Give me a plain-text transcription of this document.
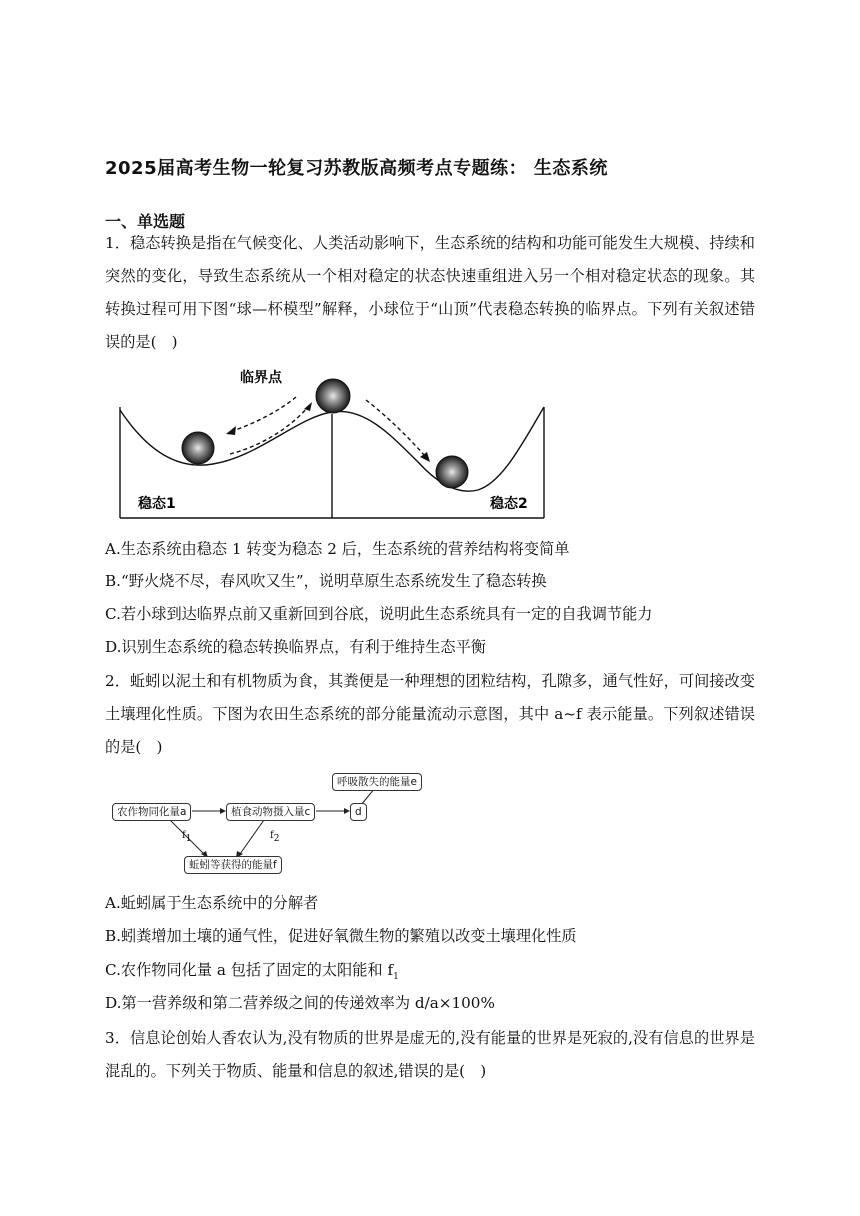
2025届高考生物一轮复习苏教版高频考点专题练： 生态系统
一、单选题
1．稳态转换是指在气候变化、人类活动影响下，生态系统的结构和功能可能发生大规模、持续和突然的变化，导致生态系统从一个相对稳定的状态快速重组进入另一个相对稳定状态的现象。其转换过程可用下图“球—杯模型”解释，小球位于“山顶”代表稳态转换的临界点。下列有关叙述错误的是(　)
临界点
稳态1	稳态2
A.生态系统由稳态 1 转变为稳态 2 后，生态系统的营养结构将变简单
B.“野火烧不尽，春风吹又生”，说明草原生态系统发生了稳态转换
C.若小球到达临界点前又重新回到谷底，说明此生态系统具有一定的自我调节能力
D.识别生态系统的稳态转换临界点，有利于维持生态平衡
2．蚯蚓以泥土和有机物质为食，其粪便是一种理想的团粒结构，孔隙多，通气性好，可间接改变土壤理化性质。下图为农田生态系统的部分能量流动示意图，其中 a~f 表示能量。下列叙述错误的是(　)
农作物同化量a	植食动物摄入量c	d
呼吸散失的能量e
蚯蚓等获得的能量f
$f_1$	$f_2$
A.蚯蚓属于生态系统中的分解者
B.蚓粪增加土壤的通气性，促进好氧微生物的繁殖以改变土壤理化性质
C.农作物同化量 a 包括了固定的太阳能和 $f_1$
D.第一营养级和第二营养级之间的传递效率为 d/a×100%
3．信息论创始人香农认为,没有物质的世界是虚无的,没有能量的世界是死寂的,没有信息的世界是混乱的。下列关于物质、能量和信息的叙述,错误的是(　)
